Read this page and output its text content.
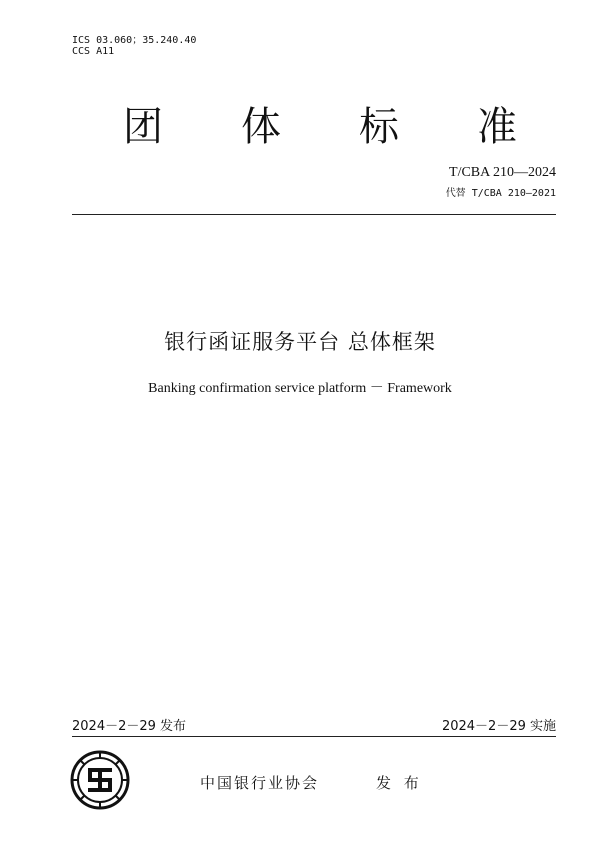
ICS 03.060；35.240.40
CCS A11
团 体 标 准
T/CBA 210—2024
代替 T/CBA 210—2021
银行函证服务平台 总体框架
Banking confirmation service platform － Framework
2024－2－29 发布	2024－2－29 实施
中国银行业协会	发 布
